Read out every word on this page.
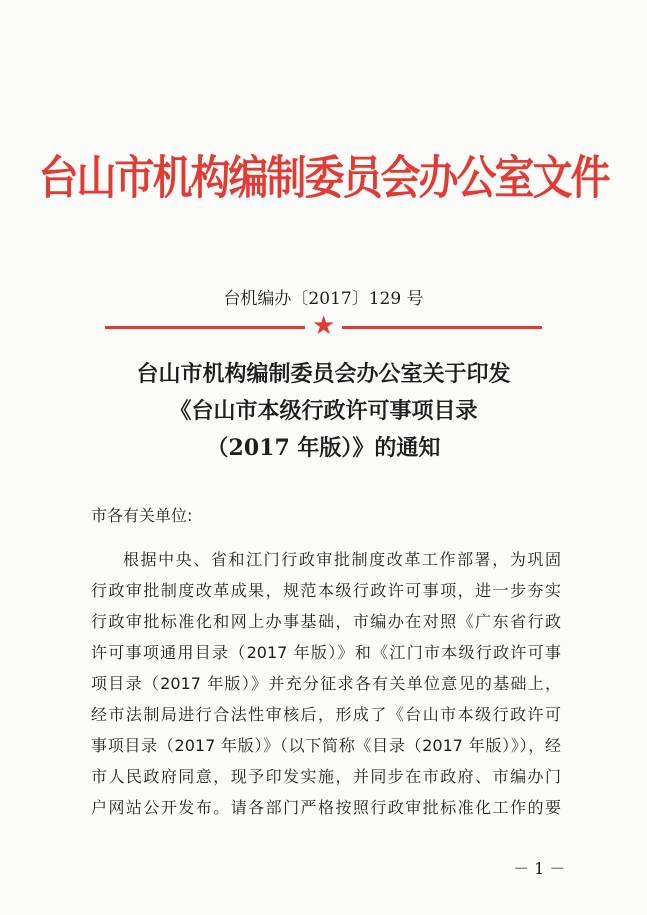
台山市机构编制委员会办公室文件
台机编办〔2017〕129 号
★
台山市机构编制委员会办公室关于印发
《台山市本级行政许可事项目录
（2017 年版）》的通知
市各有关单位:
根据中央、省和江门行政审批制度改革工作部署，为巩固
行政审批制度改革成果，规范本级行政许可事项，进一步夯实
行政审批标准化和网上办事基础，市编办在对照《广东省行政
许可事项通用目录（2017 年版）》和《江门市本级行政许可事
项目录（2017 年版）》并充分征求各有关单位意见的基础上，
经市法制局进行合法性审核后，形成了《台山市本级行政许可
事项目录（2017 年版）》（以下简称《目录（2017 年版）》），经
市人民政府同意，现予印发实施，并同步在市政府、市编办门
户网站公开发布。请各部门严格按照行政审批标准化工作的要
－ 1 －
